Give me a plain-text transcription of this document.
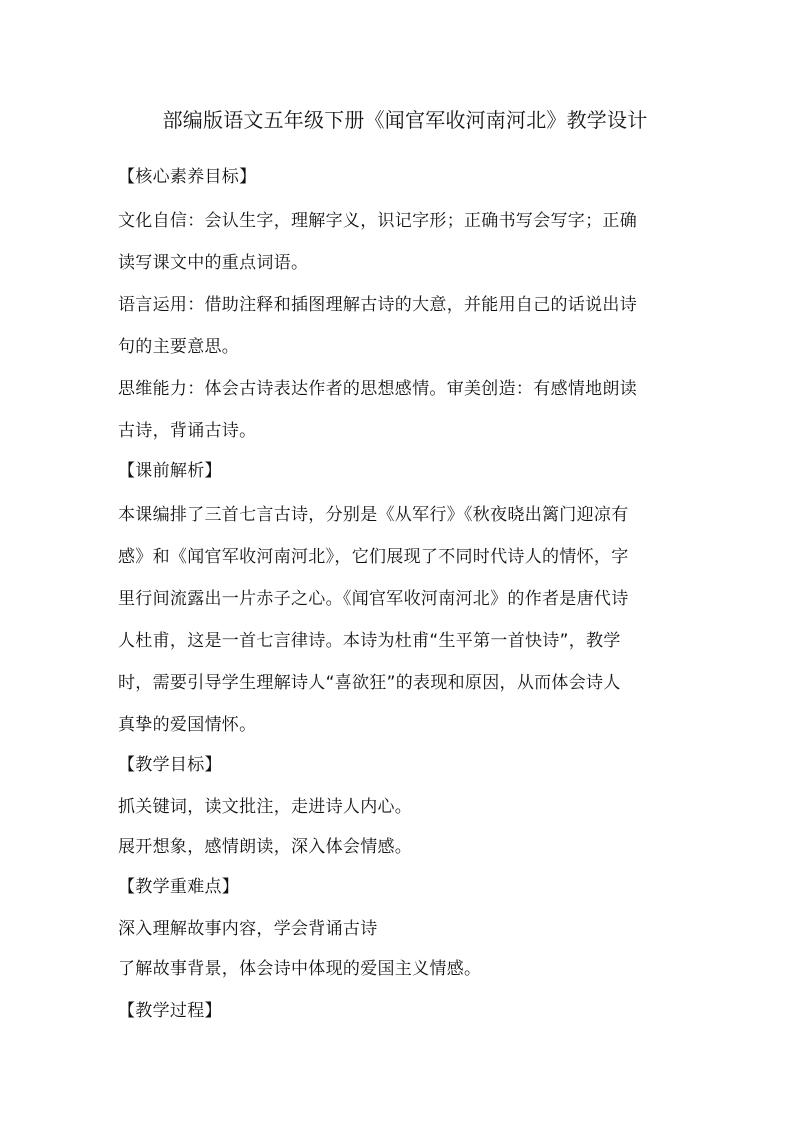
部编版语文五年级下册《闻官军收河南河北》教学设计

【核心素养目标】

文化自信：会认生字，理解字义，识记字形；正确书写会写字；正确

读写课文中的重点词语。

语言运用：借助注释和插图理解古诗的大意，并能用自己的话说出诗

句的主要意思。

思维能力：体会古诗表达作者的思想感情。审美创造：有感情地朗读

古诗，背诵古诗。

【课前解析】

本课编排了三首七言古诗，分别是《从军行》《秋夜晓出篱门迎凉有

感》和《闻官军收河南河北》，它们展现了不同时代诗人的情怀，字

里行间流露出一片赤子之心。《闻官军收河南河北》的作者是唐代诗

人杜甫，这是一首七言律诗。本诗为杜甫“生平第一首快诗”，教学

时，需要引导学生理解诗人“喜欲狂”的表现和原因，从而体会诗人

真挚的爱国情怀。

【教学目标】

抓关键词，读文批注，走进诗人内心。

展开想象，感情朗读，深入体会情感。

【教学重难点】

深入理解故事内容，学会背诵古诗

了解故事背景，体会诗中体现的爱国主义情感。

【教学过程】
